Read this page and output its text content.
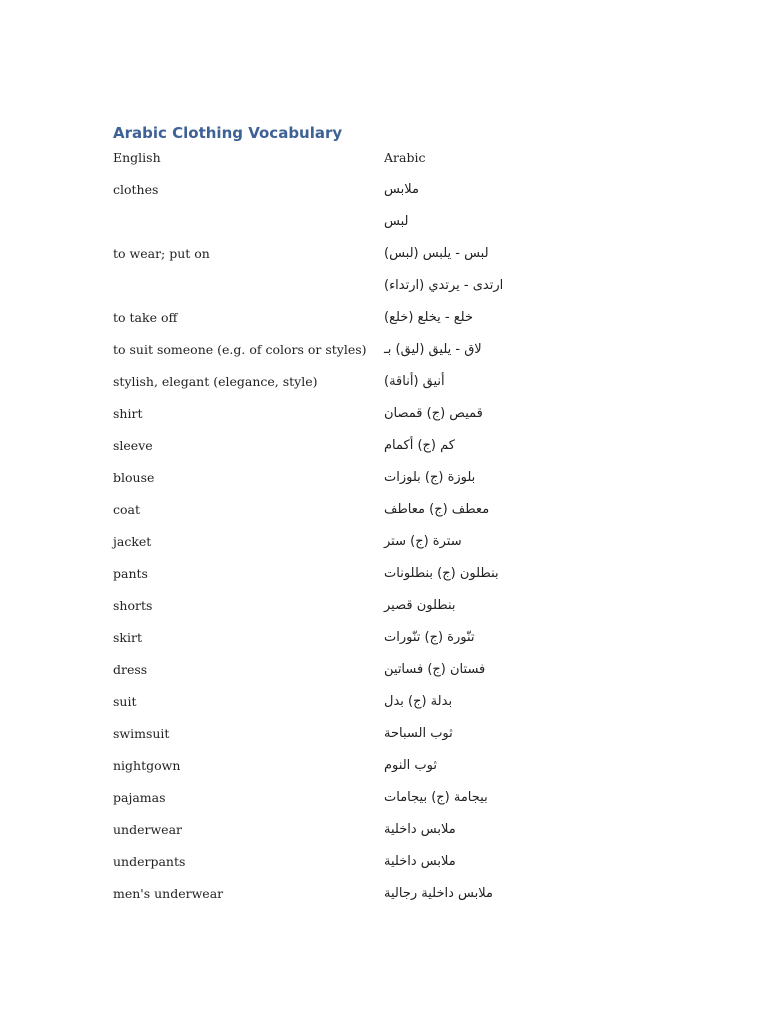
Arabic Clothing Vocabulary
English	Arabic
clothes	ملابس
لبس
to wear; put on	لبس - يلبس (لبس)
ارتدى - يرتدي (ارتداء)
to take off	خلع - يخلع (خلع)
to suit someone (e.g. of colors or styles) لاق - يليق (ليق) بـ
stylish, elegant (elegance, style)	أنيق (أناقة)
shirt	قميص (ج) قمصان
sleeve	كم (ج) أكمام
blouse	بلوزة (ج) بلوزات
coat	معطف (ج) معاطف
jacket	سترة (ج) ستر
pants	بنطلون (ج) بنطلونات
shorts	بنطلون قصير
skirt	تنّورة (ج) تنّورات
dress	فستان (ج) فساتين
suit	بدلة (ج) بدل
swimsuit	ثوب السباحة
nightgown	ثوب النوم
pajamas	بيجامة (ج) بيجامات
underwear	ملابس داخلية
underpants	ملابس داخلية
men's underwear	ملابس داخلية رجالية
